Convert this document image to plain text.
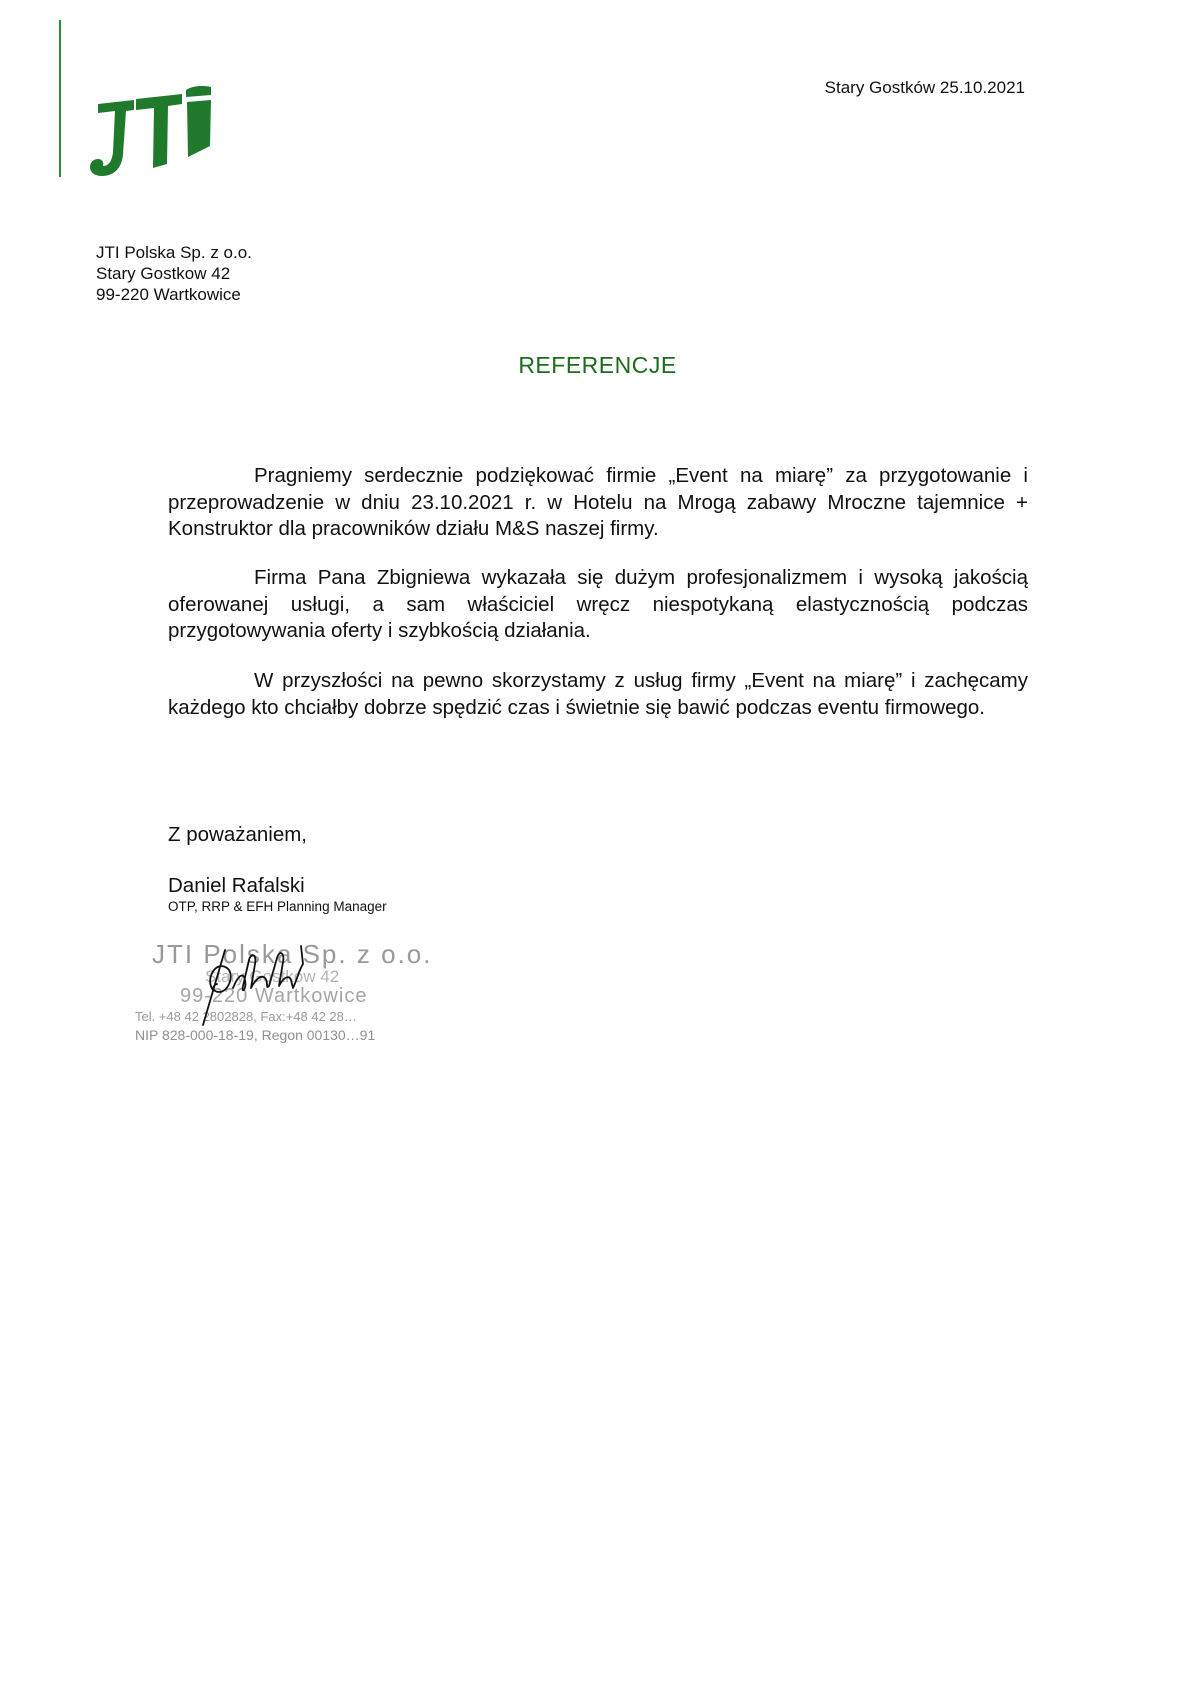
Stary Gostków 25.10.2021
JTI Polska Sp. z o.o.
Stary Gostkow 42
99-220 Wartkowice
REFERENCJE

Pragniemy serdecznie podziękować firmie „Event na miarę” za przygotowanie i przeprowadzenie w dniu 23.10.2021 r. w Hotelu na Mrogą zabawy Mroczne tajemnice + Konstruktor dla pracowników działu M&S naszej firmy.

Firma Pana Zbigniewa wykazała się dużym profesjonalizmem i wysoką jakością oferowanej usługi, a sam właściciel wręcz niespotykaną elastycznością podczas przygotowywania oferty i szybkością działania.

W przyszłości na pewno skorzystamy z usług firmy „Event na miarę” i zachęcamy każdego kto chciałby dobrze spędzić czas i świetnie się bawić podczas eventu firmowego.

Z poważaniem,
Daniel Rafalski
OTP, RRP & EFH Planning Manager
JTI Polska Sp. z o.o.
Stary Gostków 42
99-220 Wartkowice
Tel. +48 42 2802828, Fax:+48 42 28…
NIP 828-000-18-19, Regon 00130…91
